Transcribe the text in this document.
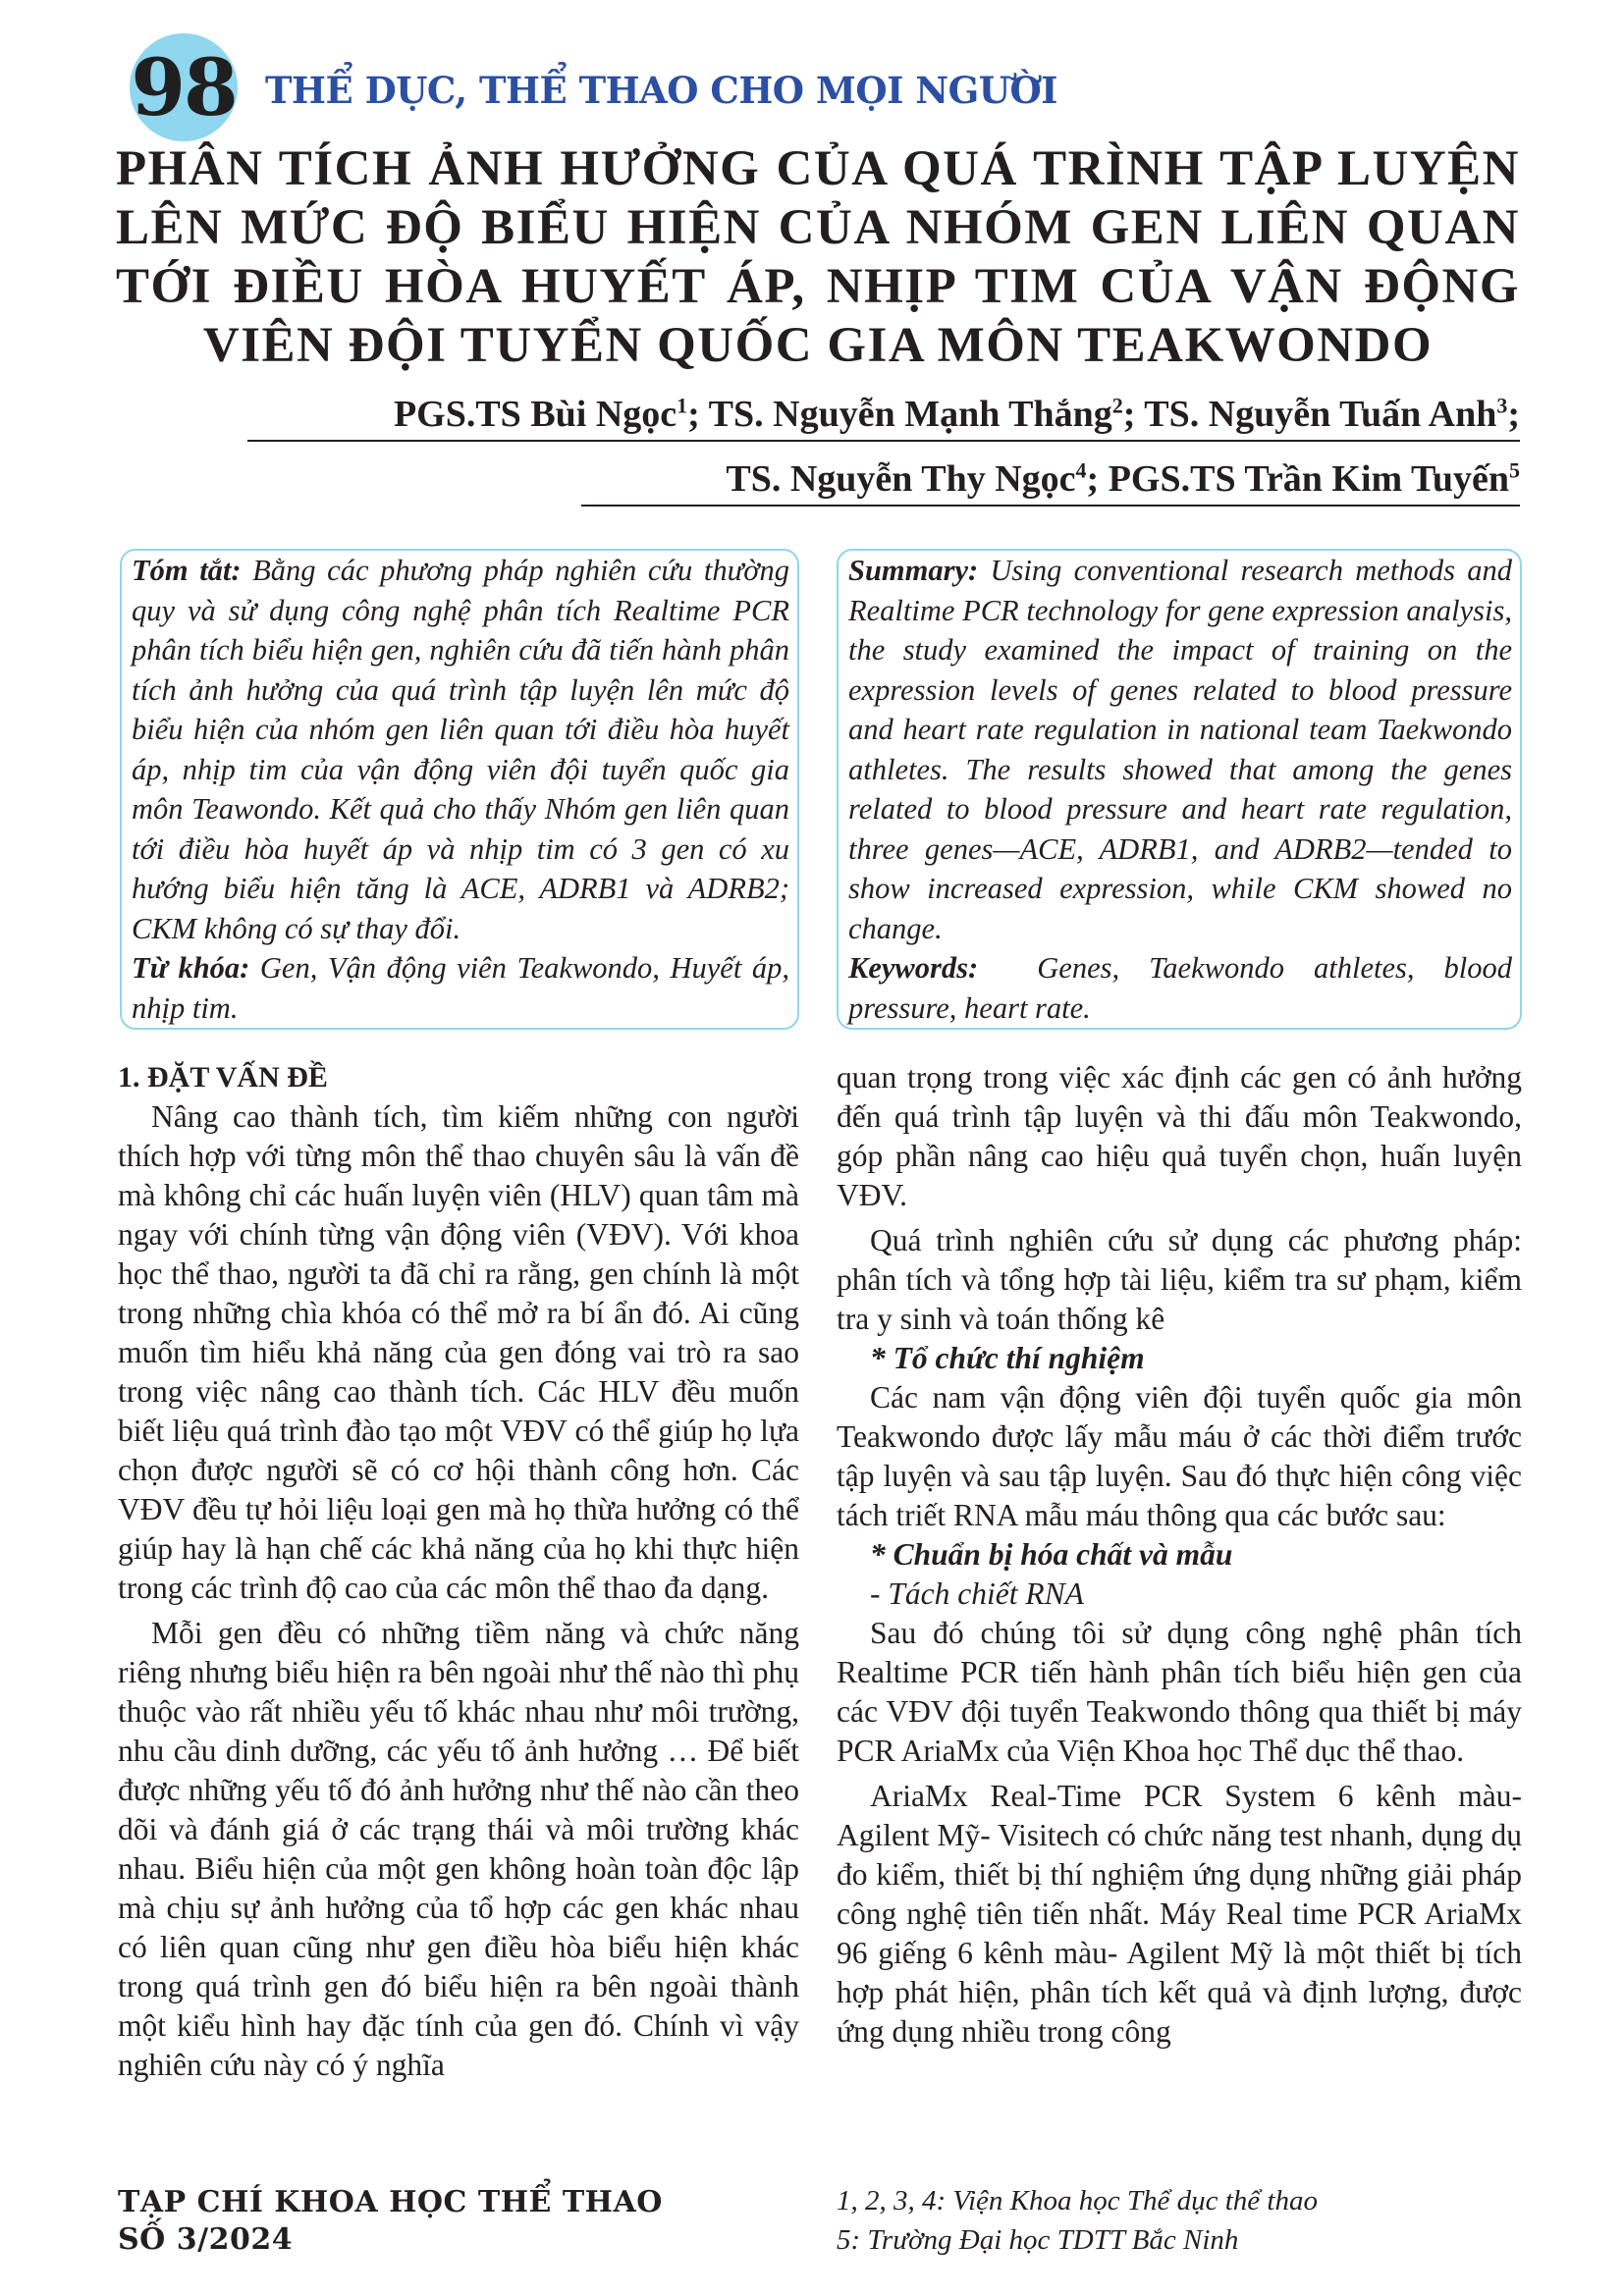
98 THỂ DỤC, THỂ THAO CHO MỌI NGƯỜI
PHÂN TÍCH ẢNH HƯỞNG CỦA QUÁ TRÌNH TẬP LUYỆN LÊN MỨC ĐỘ BIỂU HIỆN CỦA NHÓM GEN LIÊN QUAN TỚI ĐIỀU HÒA HUYẾT ÁP, NHỊP TIM CỦA VẬN ĐỘNG VIÊN ĐỘI TUYỂN QUỐC GIA MÔN TEAKWONDO
PGS.TS Bùi Ngọc$^1$; TS. Nguyễn Mạnh Thắng$^2$; TS. Nguyễn Tuấn Anh$^3$;
TS. Nguyễn Thy Ngọc$^4$; PGS.TS Trần Kim Tuyến$^5$

Tóm tắt: Bằng các phương pháp nghiên cứu thường quy và sử dụng công nghệ phân tích Realtime PCR phân tích biểu hiện gen, nghiên cứu đã tiến hành phân tích ảnh hưởng của quá trình tập luyện lên mức độ biểu hiện của nhóm gen liên quan tới điều hòa huyết áp, nhịp tim của vận động viên đội tuyển quốc gia môn Teawondo. Kết quả cho thấy Nhóm gen liên quan tới điều hòa huyết áp và nhịp tim có 3 gen có xu hướng biểu hiện tăng là ACE, ADRB1 và ADRB2; CKM không có sự thay đổi.

Từ khóa: Gen, Vận động viên Teakwondo, Huyết áp, nhịp tim.

Summary: Using conventional research methods and Realtime PCR technology for gene expression analysis, the study examined the impact of training on the expression levels of genes related to blood pressure and heart rate regulation in national team Taekwondo athletes. The results showed that among the genes related to blood pressure and heart rate regulation, three genes—ACE, ADRB1, and ADRB2—tended to show increased expression, while CKM showed no change.

Keywords: Genes, Taekwondo athletes, blood pressure, heart rate.

1. ĐẶT VẤN ĐỀ

Nâng cao thành tích, tìm kiếm những con người thích hợp với từng môn thể thao chuyên sâu là vấn đề mà không chỉ các huấn luyện viên (HLV) quan tâm mà ngay với chính từng vận động viên (VĐV). Với khoa học thể thao, người ta đã chỉ ra rằng, gen chính là một trong những chìa khóa có thể mở ra bí ẩn đó. Ai cũng muốn tìm hiểu khả năng của gen đóng vai trò ra sao trong việc nâng cao thành tích. Các HLV đều muốn biết liệu quá trình đào tạo một VĐV có thể giúp họ lựa chọn được người sẽ có cơ hội thành công hơn. Các VĐV đều tự hỏi liệu loại gen mà họ thừa hưởng có thể giúp hay là hạn chế các khả năng của họ khi thực hiện trong các trình độ cao của các môn thể thao đa dạng.

Mỗi gen đều có những tiềm năng và chức năng riêng nhưng biểu hiện ra bên ngoài như thế nào thì phụ thuộc vào rất nhiều yếu tố khác nhau như môi trường, nhu cầu dinh dưỡng, các yếu tố ảnh hưởng … Để biết được những yếu tố đó ảnh hưởng như thế nào cần theo dõi và đánh giá ở các trạng thái và môi trường khác nhau. Biểu hiện của một gen không hoàn toàn độc lập mà chịu sự ảnh hưởng của tổ hợp các gen khác nhau có liên quan cũng như gen điều hòa biểu hiện khác trong quá trình gen đó biểu hiện ra bên ngoài thành một kiểu hình hay đặc tính của gen đó. Chính vì vậy nghiên cứu này có ý nghĩa

quan trọng trong việc xác định các gen có ảnh hưởng đến quá trình tập luyện và thi đấu môn Teakwondo, góp phần nâng cao hiệu quả tuyển chọn, huấn luyện VĐV.

Quá trình nghiên cứu sử dụng các phương pháp: phân tích và tổng hợp tài liệu, kiểm tra sư phạm, kiểm tra y sinh và toán thống kê

* Tổ chức thí nghiệm

Các nam vận động viên đội tuyển quốc gia môn Teakwondo được lấy mẫu máu ở các thời điểm trước tập luyện và sau tập luyện. Sau đó thực hiện công việc tách triết RNA mẫu máu thông qua các bước sau:

* Chuẩn bị hóa chất và mẫu

- Tách chiết RNA

Sau đó chúng tôi sử dụng công nghệ phân tích Realtime PCR tiến hành phân tích biểu hiện gen của các VĐV đội tuyển Teakwondo thông qua thiết bị máy PCR AriaMx của Viện Khoa học Thể dục thể thao.

AriaMx Real-Time PCR System 6 kênh màu- Agilent Mỹ- Visitech có chức năng test nhanh, dụng dụ đo kiểm, thiết bị thí nghiệm ứng dụng những giải pháp công nghệ tiên tiến nhất. Máy Real time PCR AriaMx 96 giếng 6 kênh màu- Agilent Mỹ là một thiết bị tích hợp phát hiện, phân tích kết quả và định lượng, được ứng dụng nhiều trong công

TẠP CHÍ KHOA HỌC THỂ THAO
SỐ 3/2024
1, 2, 3, 4: Viện Khoa học Thể dục thể thao
5: Trường Đại học TDTT Bắc Ninh
